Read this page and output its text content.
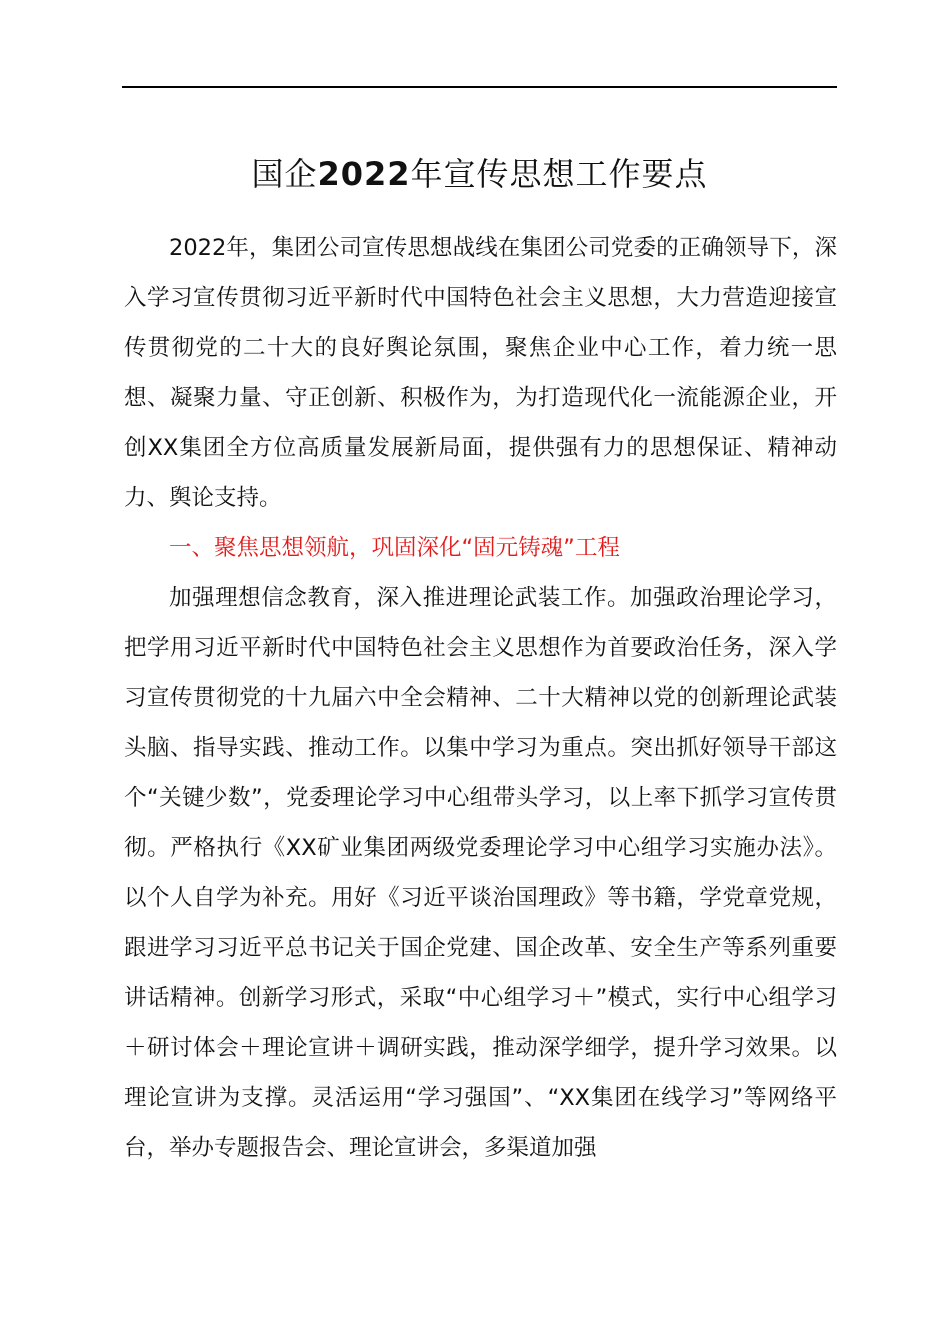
国企2022年宣传思想工作要点

2022年，集团公司宣传思想战线在集团公司党委的正确领导下，深入学习宣传贯彻习近平新时代中国特色社会主义思想，大力营造迎接宣传贯彻党的二十大的良好舆论氛围，聚焦企业中心工作，着力统一思想、凝聚力量、守正创新、积极作为，为打造现代化一流能源企业，开创XX集团全方位高质量发展新局面，提供强有力的思想保证、精神动力、舆论支持。

一、聚焦思想领航，巩固深化“固元铸魂”工程

加强理想信念教育，深入推进理论武装工作。加强政治理论学习，把学用习近平新时代中国特色社会主义思想作为首要政治任务，深入学习宣传贯彻党的十九届六中全会精神、二十大精神以党的创新理论武装头脑、指导实践、推动工作。以集中学习为重点。突出抓好领导干部这个“关键少数”，党委理论学习中心组带头学习，以上率下抓学习宣传贯彻。严格执行《XX矿业集团两级党委理论学习中心组学习实施办法》。以个人自学为补充。用好《习近平谈治国理政》等书籍，学党章党规，跟进学习习近平总书记关于国企党建、国企改革、安全生产等系列重要讲话精神。创新学习形式，采取“中心组学习＋”模式，实行中心组学习＋研讨体会＋理论宣讲＋调研实践，推动深学细学，提升学习效果。以理论宣讲为支撑。灵活运用“学习强国”、“XX集团在线学习”等网络平台，举办专题报告会、理论宣讲会，多渠道加强
